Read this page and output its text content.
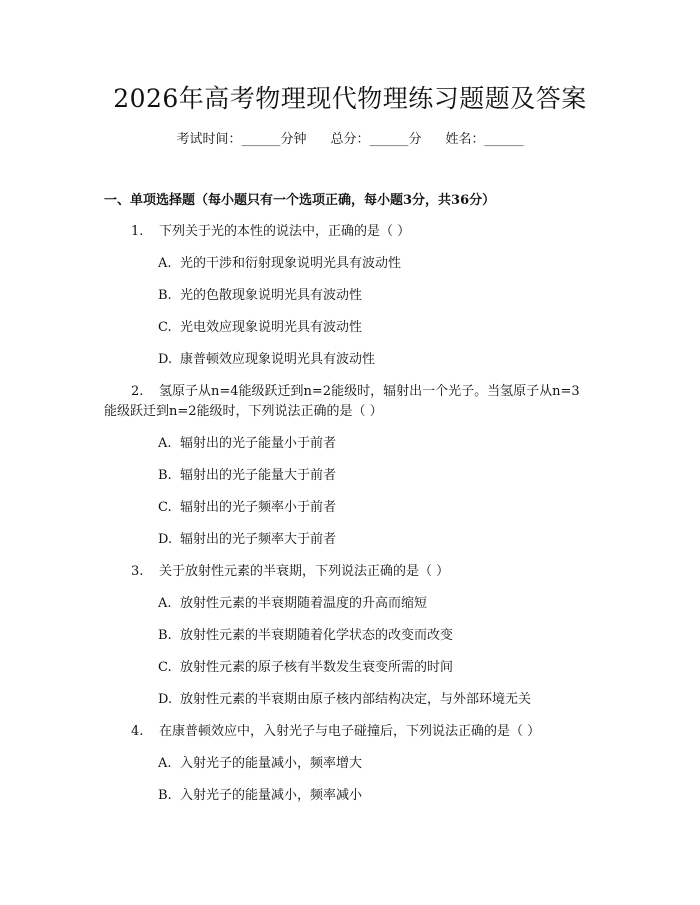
2026年高考物理现代物理练习题题及答案
考试时间：______分钟 总分：______分 姓名：______
一、单项选择题（每小题只有一个选项正确，每小题3分，共36分）
1. 下列关于光的本性的说法中，正确的是（ ）
A. 光的干涉和衍射现象说明光具有波动性
B. 光的色散现象说明光具有波动性
C. 光电效应现象说明光具有波动性
D. 康普顿效应现象说明光具有波动性
2. 氢原子从n=4能级跃迁到n=2能级时，辐射出一个光子。当氢原子从n=3
能级跃迁到n=2能级时，下列说法正确的是（ ）
A. 辐射出的光子能量小于前者
B. 辐射出的光子能量大于前者
C. 辐射出的光子频率小于前者
D. 辐射出的光子频率大于前者
3. 关于放射性元素的半衰期，下列说法正确的是（ ）
A. 放射性元素的半衰期随着温度的升高而缩短
B. 放射性元素的半衰期随着化学状态的改变而改变
C. 放射性元素的原子核有半数发生衰变所需的时间
D. 放射性元素的半衰期由原子核内部结构决定，与外部环境无关
4. 在康普顿效应中，入射光子与电子碰撞后，下列说法正确的是（ ）
A. 入射光子的能量减小，频率增大
B. 入射光子的能量减小，频率减小
